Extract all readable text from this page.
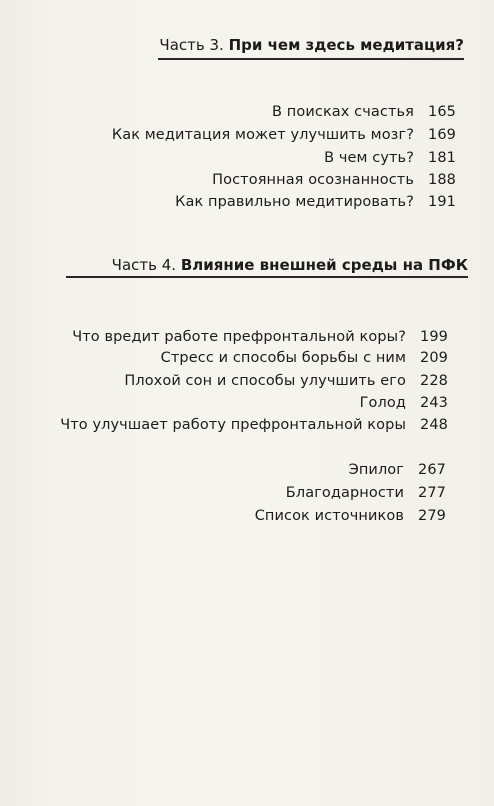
Часть 3. При чем здесь медитация?
В поисках счастья 165
Как медитация может улучшить мозг? 169
В чем суть? 181
Постоянная осознанность 188
Как правильно медитировать? 191
Часть 4. Влияние внешней среды на ПФК
Что вредит работе префронтальной коры? 199
Стресс и способы борьбы с ним 209
Плохой сон и способы улучшить его 228
Голод 243
Что улучшает работу префронтальной коры 248
Эпилог 267
Благодарности 277
Список источников 279
